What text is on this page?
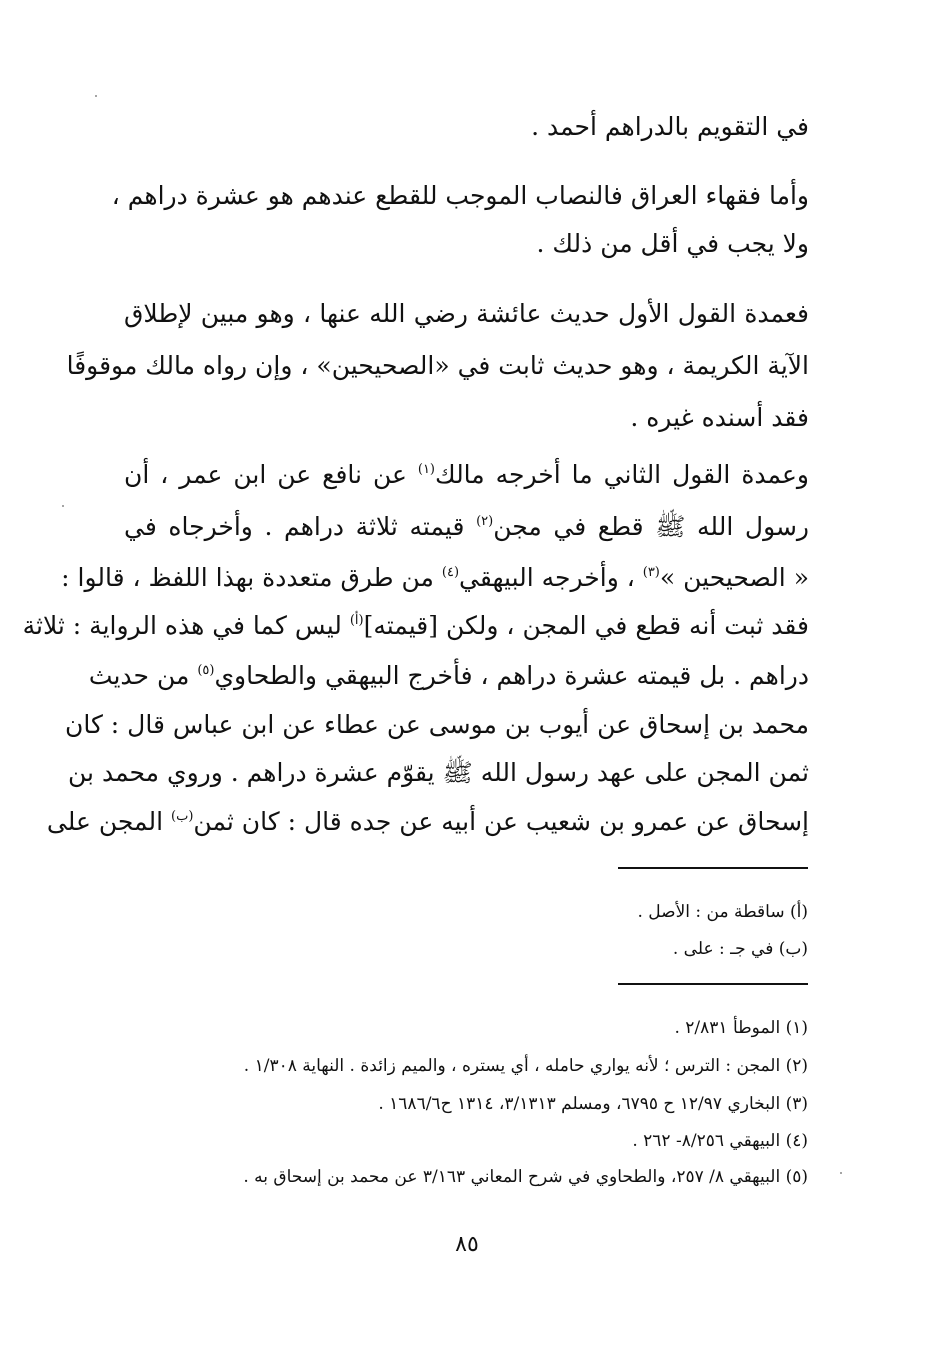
في التقويم بالدراهم أحمد .
وأما فقهاء العراق فالنصاب الموجب للقطع عندهم هو عشرة دراهم ،
ولا يجب في أقل من ذلك .
فعمدة القول الأول حديث عائشة رضي الله عنها ، وهو مبين لإطلاق
الآية الكريمة ، وهو حديث ثابت في «الصحيحين» ، وإن رواه مالك موقوفًا
فقد أسنده غيره .
وعمدة القول الثاني ما أخرجه مالك$^{(١)}$ عن نافع عن ابن عمر ، أن
رسول الله ﷺ قطع في مجن$^{(٢)}$ قيمته ثلاثة دراهم . وأخرجاه في
« الصحيحين »$^{(٣)}$ ، وأخرجه البيهقي$^{(٤)}$ من طرق متعددة بهذا اللفظ ، قالوا :
فقد ثبت أنه قطع في المجن ، ولكن [قيمته]$^{(أ)}$ ليس كما في هذه الرواية : ثلاثة
دراهم . بل قيمته عشرة دراهم ، فأخرج البيهقي والطحاوي$^{(٥)}$ من حديث
محمد بن إسحاق عن أيوب بن موسى عن عطاء عن ابن عباس قال : كان
ثمن المجن على عهد رسول الله ﷺ يقوّم عشرة دراهم . وروي محمد بن
إسحاق عن عمرو بن شعيب عن أبيه عن جده قال : كان ثمن$^{(ب)}$ المجن على
(أ) ساقطة من : الأصل .
(ب) في جـ : على .
(١) الموطأ ٢/٨٣١ .
(٢) المجن : الترس ؛ لأنه يواري حامله ، أي يستره ، والميم زائدة . النهاية ١/٣٠٨ .
(٣) البخاري ١٢/٩٧ ح ٦٧٩٥، ومسلم ٣/١٣١٣، ١٣١٤ ح١٦٨٦/٦ .
(٤) البيهقي ٨/٢٥٦- ٢٦٢ .
(٥) البيهقي ٨/ ٢٥٧، والطحاوي في شرح المعاني ٣/١٦٣ عن محمد بن إسحاق به .
٨٥
